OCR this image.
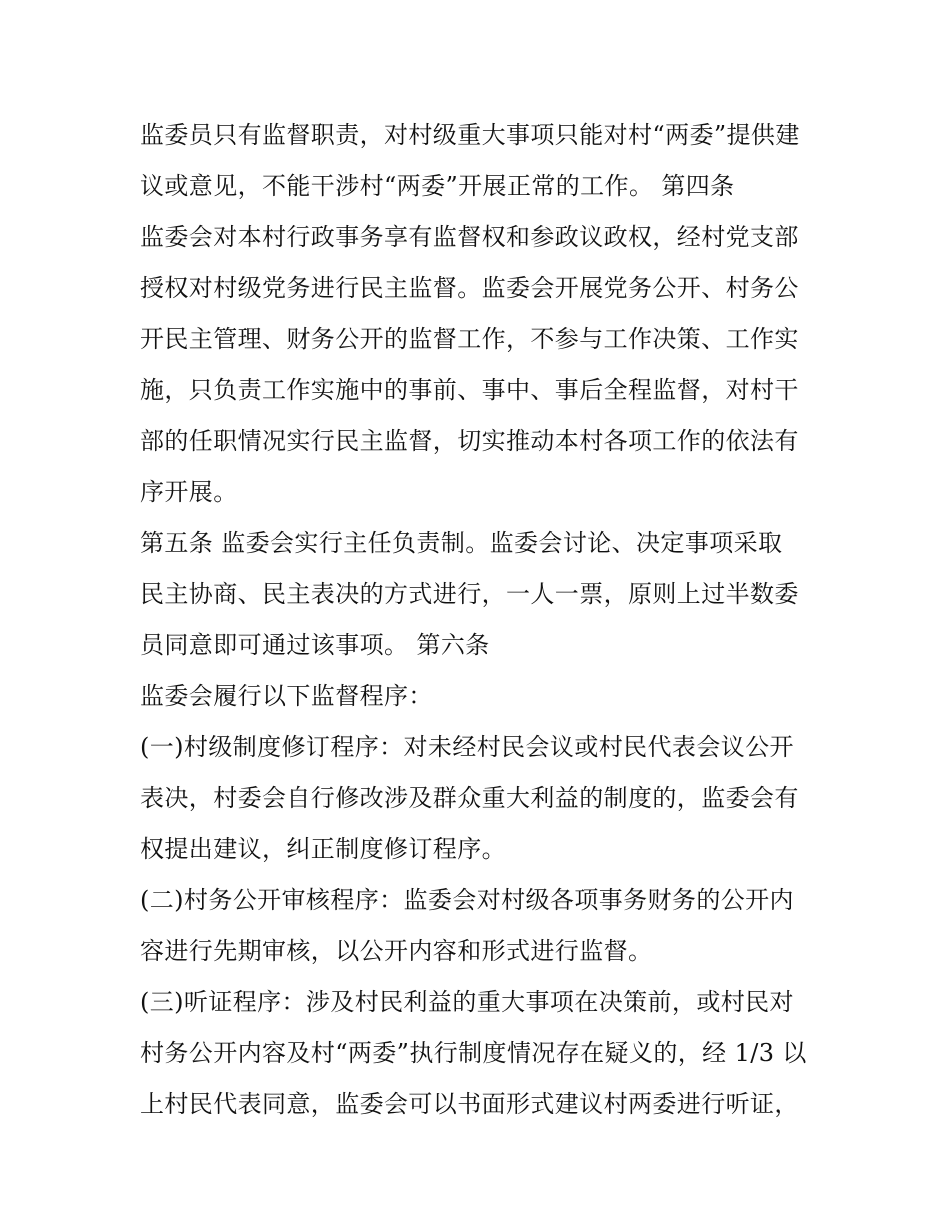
监委员只有监督职责，对村级重大事项只能对村“两委”提供建
议或意见，不能干涉村“两委”开展正常的工作。 第四条
监委会对本村行政事务享有监督权和参政议政权，经村党支部
授权对村级党务进行民主监督。监委会开展党务公开、村务公
开民主管理、财务公开的监督工作，不参与工作决策、工作实
施，只负责工作实施中的事前、事中、事后全程监督，对村干
部的任职情况实行民主监督，切实推动本村各项工作的依法有
序开展。
第五条 监委会实行主任负责制。监委会讨论、决定事项采取
民主协商、民主表决的方式进行，一人一票，原则上过半数委
员同意即可通过该事项。 第六条
监委会履行以下监督程序：
(一)村级制度修订程序：对未经村民会议或村民代表会议公开
表决，村委会自行修改涉及群众重大利益的制度的，监委会有
权提出建议，纠正制度修订程序。
(二)村务公开审核程序：监委会对村级各项事务财务的公开内
容进行先期审核，以公开内容和形式进行监督。
(三)听证程序：涉及村民利益的重大事项在决策前，或村民对
村务公开内容及村“两委”执行制度情况存在疑义的，经 1/3 以
上村民代表同意，监委会可以书面形式建议村两委进行听证，
